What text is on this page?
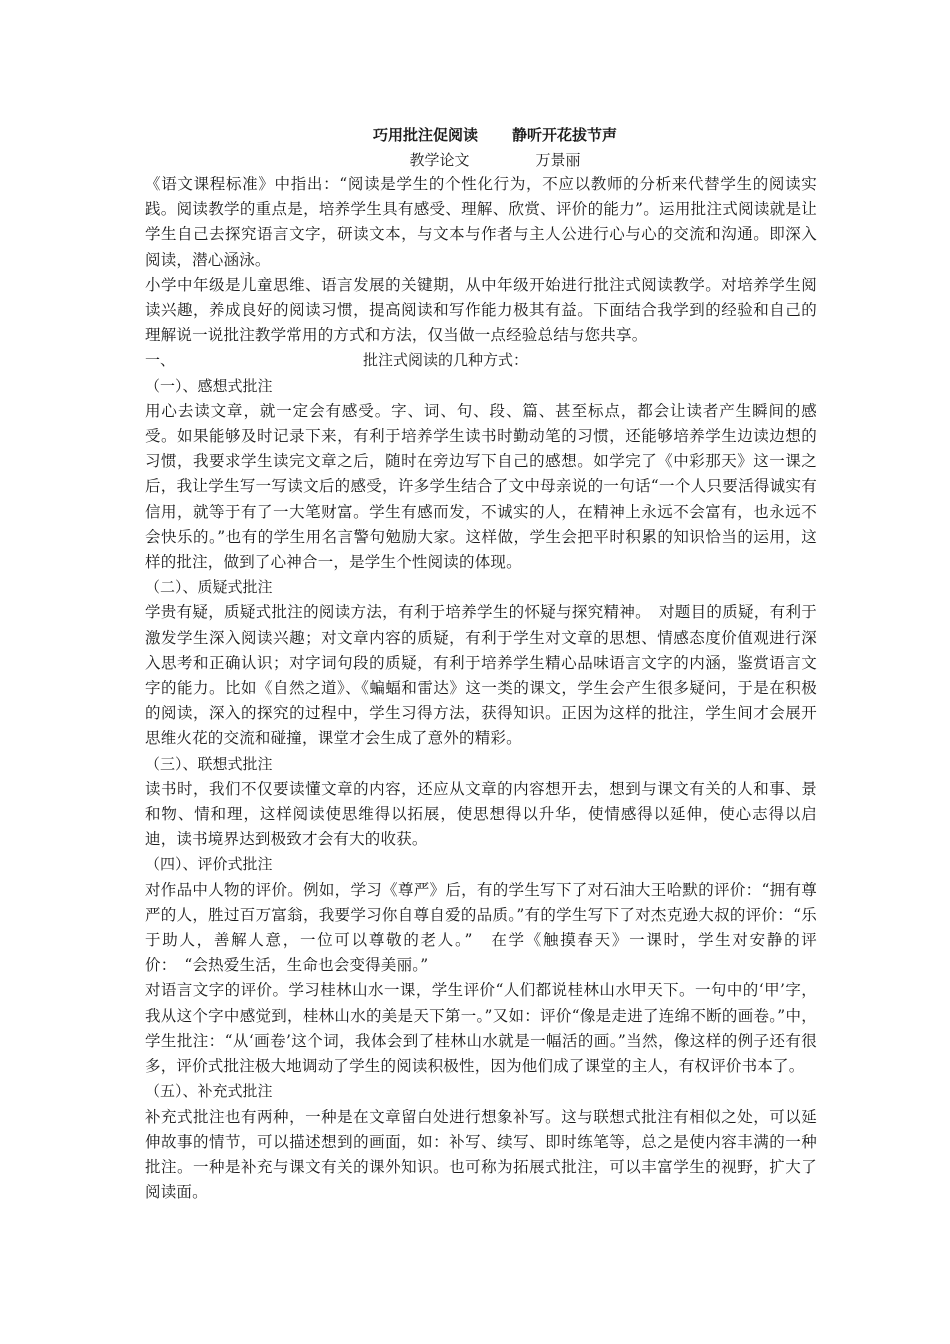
巧用批注促阅读 静听开花拔节声
教学论文	万景丽

《语文课程标准》中指出：“阅读是学生的个性化行为，不应以教师的分析来代替学生的阅读实践。阅读教学的重点是，培养学生具有感受、理解、欣赏、评价的能力”。运用批注式阅读就是让学生自己去探究语言文字，研读文本，与文本与作者与主人公进行心与心的交流和沟通。即深入阅读，潜心涵泳。

小学中年级是儿童思维、语言发展的关键期，从中年级开始进行批注式阅读教学。对培养学生阅读兴趣，养成良好的阅读习惯，提高阅读和写作能力极其有益。下面结合我学到的经验和自己的理解说一说批注教学常用的方式和方法，仅当做一点经验总结与您共享。

一、	批注式阅读的几种方式：

（一）、感想式批注

用心去读文章，就一定会有感受。字、词、句、段、篇、甚至标点，都会让读者产生瞬间的感受。如果能够及时记录下来，有利于培养学生读书时勤动笔的习惯，还能够培养学生边读边想的习惯，我要求学生读完文章之后，随时在旁边写下自己的感想。如学完了《中彩那天》这一课之后，我让学生写一写读文后的感受，许多学生结合了文中母亲说的一句话“一个人只要活得诚实有信用，就等于有了一大笔财富。学生有感而发，不诚实的人，在精神上永远不会富有，也永远不会快乐的。”也有的学生用名言警句勉励大家。这样做，学生会把平时积累的知识恰当的运用，这样的批注，做到了心神合一，是学生个性阅读的体现。

（二）、质疑式批注

学贵有疑，质疑式批注的阅读方法，有利于培养学生的怀疑与探究精神。　对题目的质疑，有利于激发学生深入阅读兴趣；对文章内容的质疑，有利于学生对文章的思想、情感态度价值观进行深入思考和正确认识；对字词句段的质疑，有利于培养学生精心品味语言文字的内涵，鉴赏语言文字的能力。比如《自然之道》、《蝙蝠和雷达》这一类的课文，学生会产生很多疑问，于是在积极的阅读，深入的探究的过程中，学生习得方法，获得知识。正因为这样的批注，学生间才会展开思维火花的交流和碰撞，课堂才会生成了意外的精彩。

（三）、联想式批注

读书时，我们不仅要读懂文章的内容，还应从文章的内容想开去，想到与课文有关的人和事、景和物、情和理，这样阅读使思维得以拓展，使思想得以升华，使情感得以延伸，使心志得以启迪，读书境界达到极致才会有大的收获。

（四）、评价式批注

对作品中人物的评价。例如，学习《尊严》后，有的学生写下了对石油大王哈默的评价：“拥有尊严的人，胜过百万富翁，我要学习你自尊自爱的品质。”有的学生写下了对杰克逊大叔的评价：“乐于助人，善解人意，一位可以尊敬的老人。”　在学《触摸春天》一课时，学生对安静的评价：　“会热爱生活，生命也会变得美丽。”

对语言文字的评价。学习桂林山水一课，学生评价“人们都说桂林山水甲天下。一句中的‘甲’字，我从这个字中感觉到，桂林山水的美是天下第一。”又如：评价“像是走进了连绵不断的画卷。”中，学生批注：“从‘画卷’这个词，我体会到了桂林山水就是一幅活的画。”当然，像这样的例子还有很多，评价式批注极大地调动了学生的阅读积极性，因为他们成了课堂的主人，有权评价书本了。

（五）、补充式批注

补充式批注也有两种，一种是在文章留白处进行想象补写。这与联想式批注有相似之处，可以延伸故事的情节，可以描述想到的画面，如：补写、续写、即时练笔等，总之是使内容丰满的一种批注。一种是补充与课文有关的课外知识。也可称为拓展式批注，可以丰富学生的视野，扩大了阅读面。
